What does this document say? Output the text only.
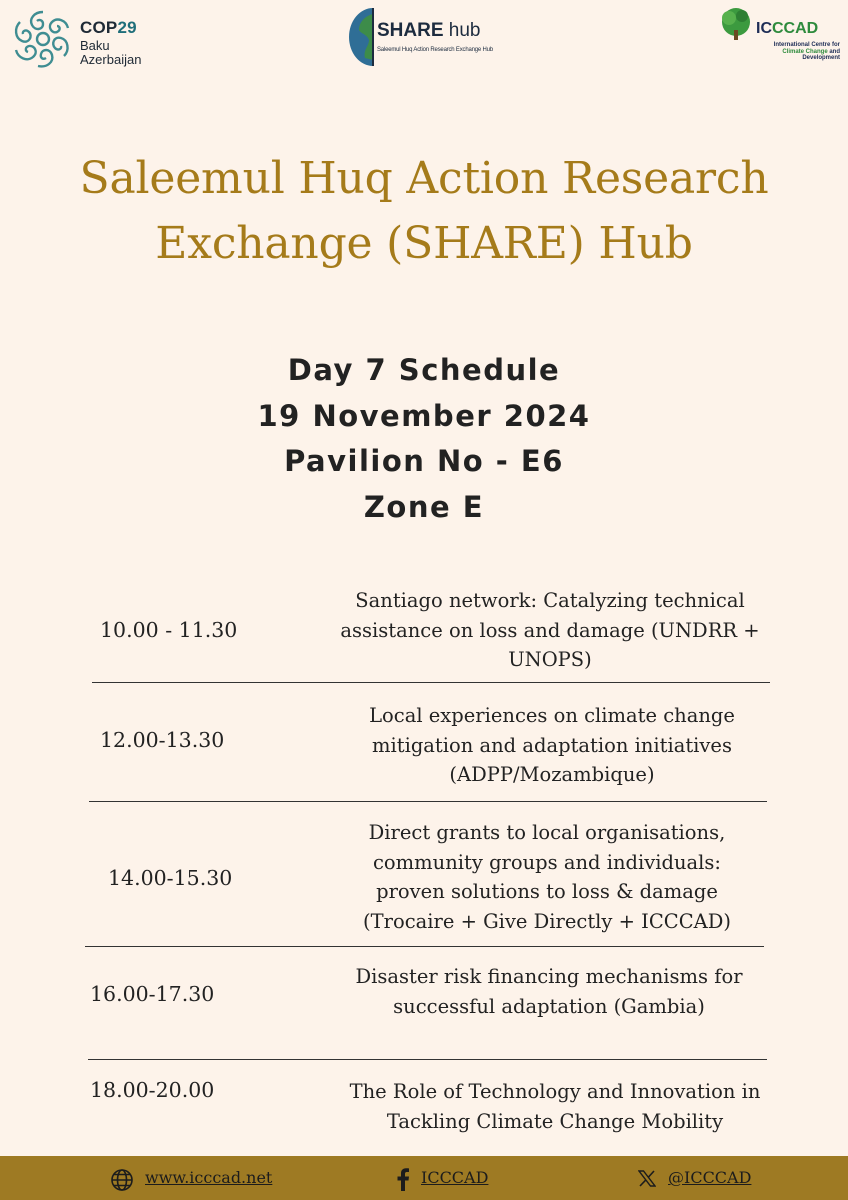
COP29
Baku
Azerbaijan
SHARE hub
Saleemul Huq Action Research Exchange Hub
ICCCAD
International Centre for
Climate Change and
Development
Saleemul Huq Action Research
Exchange (SHARE) Hub
Day 7 Schedule
19 November 2024
Pavilion No - E6
Zone E
10.00 - 11.30
Santiago network: Catalyzing technical
assistance on loss and damage (UNDRR +
UNOPS)
12.00-13.30
Local experiences on climate change
mitigation and adaptation initiatives
(ADPP/Mozambique)
14.00-15.30
Direct grants to local organisations,
community groups and individuals:
proven solutions to loss & damage
(Trocaire + Give Directly + ICCCAD)
16.00-17.30
Disaster risk financing mechanisms for
successful adaptation (Gambia)
18.00-20.00	The Role of Technology and Innovation in
Tackling Climate Change Mobility
www.icccad.net	ICCCAD	@ICCCAD
